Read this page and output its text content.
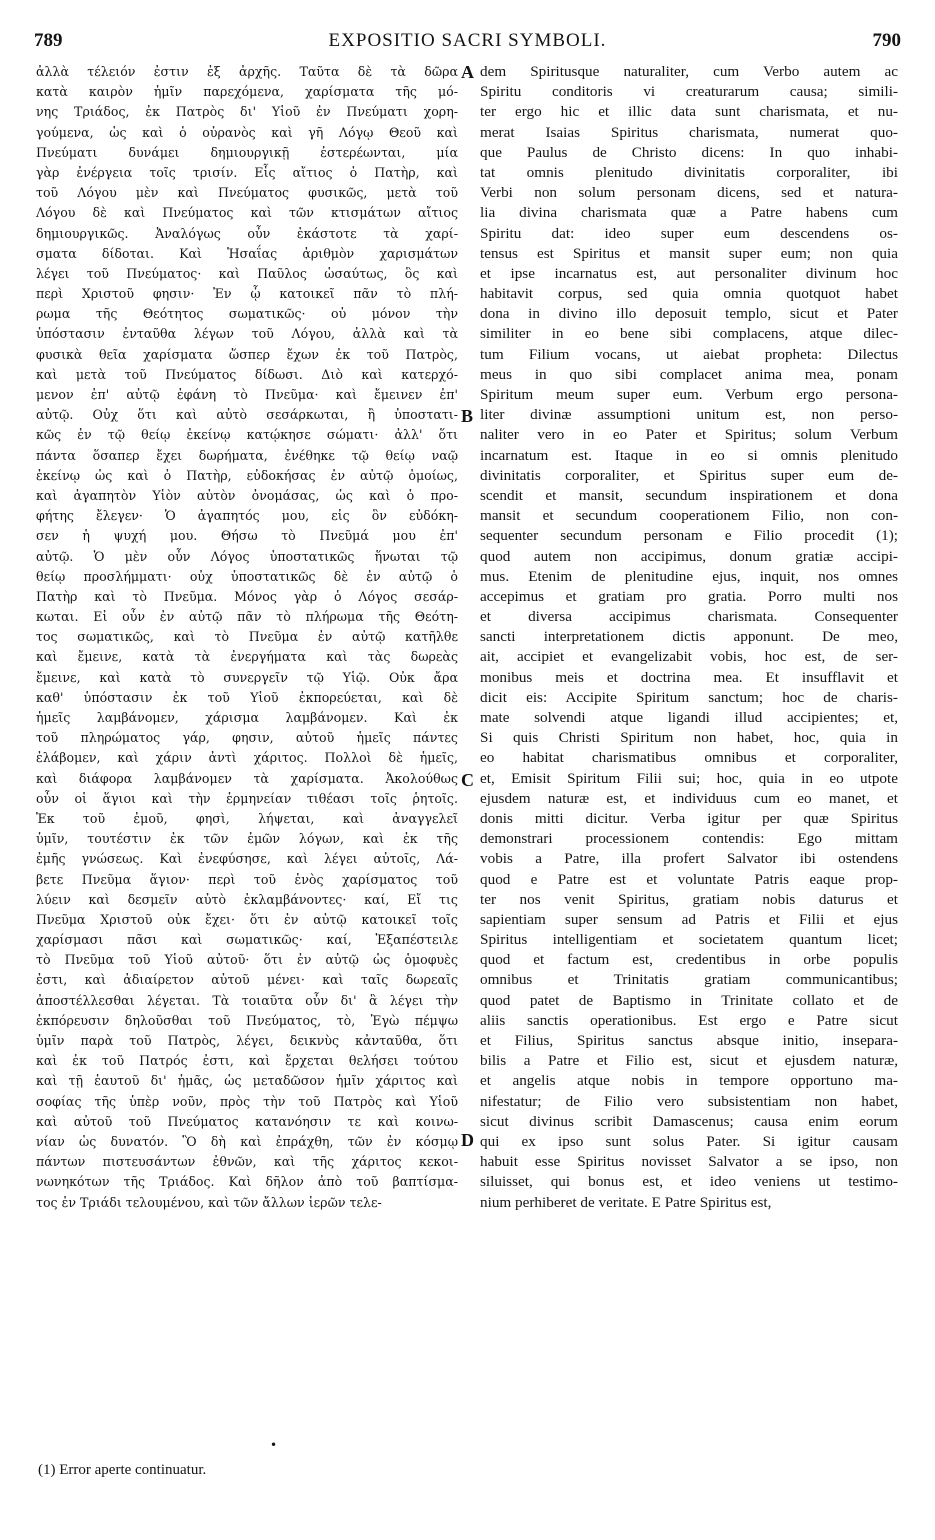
789	EXPOSITIO SACRI SYMBOLI.	790
ἀλλὰ τέλειόν ἐστιν ἐξ ἀρχῆς. Ταῦτα δὲ τὰ δῶρα
κατὰ καιρὸν ἡμῖν παρεχόμενα, χαρίσματα τῆς μό-
νης Τριάδος, ἐκ Πατρὸς δι' Υἱοῦ ἐν Πνεύματι χορη-
γούμενα, ὡς καὶ ὁ οὐρανὸς καὶ γῆ Λόγῳ Θεοῦ καὶ
Πνεύματι δυνάμει δημιουργικῇ ἐστερέωνται, μία
γὰρ ἐνέργεια τοῖς τρισίν. Εἷς αἴτιος ὁ Πατὴρ, καὶ
τοῦ Λόγου μὲν καὶ Πνεύματος φυσικῶς, μετὰ τοῦ
Λόγου δὲ καὶ Πνεύματος καὶ τῶν κτισμάτων αἴτιος
δημιουργικῶς. Ἀναλόγως οὖν ἑκάστοτε τὰ χαρί-
σματα δίδοται. Καὶ Ἡσαΐας ἀριθμὸν χαρισμάτων
λέγει τοῦ Πνεύματος· καὶ Παῦλος ὡσαύτως, ὃς καὶ
περὶ Χριστοῦ φησιν· Ἐν ᾧ κατοικεῖ πᾶν τὸ πλή-
ρωμα τῆς Θεότητος σωματικῶς· οὐ μόνον τὴν
ὑπόστασιν ἐνταῦθα λέγων τοῦ Λόγου, ἀλλὰ καὶ τὰ
φυσικὰ θεῖα χαρίσματα ὥσπερ ἔχων ἐκ τοῦ Πατρὸς,
καὶ μετὰ τοῦ Πνεύματος δίδωσι. Διὸ καὶ κατερχό-
μενον ἐπ' αὐτῷ ἐφάνη τὸ Πνεῦμα· καὶ ἔμεινεν ἐπ'
αὐτῷ. Οὐχ ὅτι καὶ αὐτὸ σεσάρκωται, ἢ ὑποστατι-
κῶς ἐν τῷ θείῳ ἐκείνῳ κατῴκησε σώματι· ἀλλ' ὅτι
πάντα ὅσαπερ ἔχει δωρήματα, ἐνέθηκε τῷ θείῳ ναῷ
ἐκείνῳ ὡς καὶ ὁ Πατὴρ, εὐδοκήσας ἐν αὐτῷ ὁμοίως,
καὶ ἀγαπητὸν Υἱὸν αὐτὸν ὀνομάσας, ὡς καὶ ὁ προ-
φήτης ἔλεγεν· Ὁ ἀγαπητός μου, εἰς ὃν εὐδόκη-
σεν ἡ ψυχή μου. Θήσω τὸ Πνεῦμά μου ἐπ'
αὐτῷ. Ὁ μὲν οὖν Λόγος ὑποστατικῶς ἥνωται τῷ
θείῳ προσλήμματι· οὐχ ὑποστατικῶς δὲ ἐν αὐτῷ ὁ
Πατὴρ καὶ τὸ Πνεῦμα. Μόνος γὰρ ὁ Λόγος σεσάρ-
κωται. Εἰ οὖν ἐν αὐτῷ πᾶν τὸ πλήρωμα τῆς Θεότη-
τος σωματικῶς, καὶ τὸ Πνεῦμα ἐν αὐτῷ κατῆλθε
καὶ ἔμεινε, κατὰ τὰ ἐνεργήματα καὶ τὰς δωρεὰς
ἔμεινε, καὶ κατὰ τὸ συνεργεῖν τῷ Υἱῷ. Οὐκ ἄρα
καθ' ὑπόστασιν ἐκ τοῦ Υἱοῦ ἐκπορεύεται, καὶ δὲ
ἡμεῖς λαμβάνομεν, χάρισμα λαμβάνομεν. Καὶ ἐκ
τοῦ πληρώματος γάρ, φησιν, αὐτοῦ ἡμεῖς πάντες
ἐλάβομεν, καὶ χάριν ἀντὶ χάριτος. Πολλοὶ δὲ ἡμεῖς,
καὶ διάφορα λαμβάνομεν τὰ χαρίσματα. Ἀκολούθως
οὖν οἱ ἅγιοι καὶ τὴν ἑρμηνείαν τιθέασι τοῖς ῥητοῖς.
Ἐκ τοῦ ἐμοῦ, φησὶ, λήψεται, καὶ ἀναγγελεῖ
ὑμῖν, τουτέστιν ἐκ τῶν ἐμῶν λόγων, καὶ ἐκ τῆς
ἐμῆς γνώσεως. Καὶ ἐνεφύσησε, καὶ λέγει αὐτοῖς, Λά-
βετε Πνεῦμα ἅγιον· περὶ τοῦ ἑνὸς χαρίσματος τοῦ
λύειν καὶ δεσμεῖν αὐτὸ ἐκλαμβάνοντες· καί, Εἴ τις
Πνεῦμα Χριστοῦ οὐκ ἔχει· ὅτι ἐν αὐτῷ κατοικεῖ τοῖς
χαρίσμασι πᾶσι καὶ σωματικῶς· καί, Ἐξαπέστειλε
τὸ Πνεῦμα τοῦ Υἱοῦ αὐτοῦ· ὅτι ἐν αὐτῷ ὡς ὁμοφυὲς
ἐστι, καὶ ἀδιαίρετον αὐτοῦ μένει· καὶ ταῖς δωρεαῖς
ἀποστέλλεσθαι λέγεται. Τὰ τοιαῦτα οὖν δι' ἃ λέγει τὴν
ἐκπόρευσιν δηλοῦσθαι τοῦ Πνεύματος, τὸ, Ἐγὼ πέμψω
ὑμῖν παρὰ τοῦ Πατρὸς, λέγει, δεικνὺς κἀνταῦθα, ὅτι
καὶ ἐκ τοῦ Πατρός ἐστι, καὶ ἔρχεται θελήσει τούτου
καὶ τῇ ἑαυτοῦ δι' ἡμᾶς, ὡς μεταδῶσον ἡμῖν χάριτος καὶ
σοφίας τῆς ὑπὲρ νοῦν, πρὸς τὴν τοῦ Πατρὸς καὶ Υἱοῦ
καὶ αὐτοῦ τοῦ Πνεύματος κατανόησιν τε καὶ κοινω-
νίαν ὡς δυνατόν. Ὃ δὴ καὶ ἐπράχθη, τῶν ἐν κόσμῳ
πάντων πιστευσάντων ἐθνῶν, καὶ τῆς χάριτος κεκοι-
νωνηκότων τῆς Τριάδος. Καὶ δῆλον ἀπὸ τοῦ βαπτίσμα-
τος ἐν Τριάδι τελουμένου, καὶ τῶν ἄλλων ἱερῶν τελε-
dem Spiritusque naturaliter, cum Verbo autem ac
Spiritu conditoris vi creaturarum causa; simili-
ter ergo hic et illic data sunt charismata, et nu-
merat Isaias Spiritus charismata, numerat quo-
que Paulus de Christo dicens: In quo inhabi-
tat omnis plenitudo divinitatis corporaliter, ibi
Verbi non solum personam dicens, sed et natura-
lia divina charismata quæ a Patre habens cum
Spiritu dat: ideo super eum descendens os-
tensus est Spiritus et mansit super eum; non quia
et ipse incarnatus est, aut personaliter divinum hoc
habitavit corpus, sed quia omnia quotquot habet
dona in divino illo deposuit templo, sicut et Pater
similiter in eo bene sibi complacens, atque dilec-
tum Filium vocans, ut aiebat propheta: Dilectus
meus in quo sibi complacet anima mea, ponam
Spiritum meum super eum. Verbum ergo persona-
liter divinæ assumptioni unitum est, non perso-
naliter vero in eo Pater et Spiritus; solum Verbum
incarnatum est. Itaque in eo si omnis plenitudo
divinitatis corporaliter, et Spiritus super eum de-
scendit et mansit, secundum inspirationem et dona
mansit et secundum cooperationem Filio, non con-
sequenter secundum personam e Filio procedit (1);
quod autem non accipimus, donum gratiæ accipi-
mus. Etenim de plenitudine ejus, inquit, nos omnes
accepimus et gratiam pro gratia. Porro multi nos
et diversa accipimus charismata. Consequenter
sancti interpretationem dictis apponunt. De meo,
ait, accipiet et evangelizabit vobis, hoc est, de ser-
monibus meis et doctrina mea. Et insufflavit et
dicit eis: Accipite Spiritum sanctum; hoc de charis-
mate solvendi atque ligandi illud accipientes; et,
Si quis Christi Spiritum non habet, hoc, quia in
eo habitat charismatibus omnibus et corporaliter,
et, Emisit Spiritum Filii sui; hoc, quia in eo utpote
ejusdem naturæ est, et individuus cum eo manet, et
donis mitti dicitur. Verba igitur per quæ Spiritus
demonstrari processionem contendis: Ego mittam
vobis a Patre, illa profert Salvator ibi ostendens
quod e Patre est et voluntate Patris eaque prop-
ter nos venit Spiritus, gratiam nobis daturus et
sapientiam super sensum ad Patris et Filii et ejus
Spiritus intelligentiam et societatem quantum licet;
quod et factum est, credentibus in orbe populis
omnibus et Trinitatis gratiam communicantibus;
quod patet de Baptismo in Trinitate collato et de
aliis sanctis operationibus. Est ergo e Patre sicut
et Filius, Spiritus sanctus absque initio, insepara-
bilis a Patre et Filio est, sicut et ejusdem naturæ,
et angelis atque nobis in tempore opportuno ma-
nifestatur; de Filio vero subsistentiam non habet,
sicut divinus scribit Damascenus; causa enim eorum
qui ex ipso sunt solus Pater. Si igitur causam
habuit esse Spiritus novisset Salvator a se ipso, non
siluisset, qui bonus est, et ideo veniens ut testimo-
nium perhiberet de veritate. E Patre Spiritus est,
A
B
C
D
•
(1) Error aperte continuatur.
